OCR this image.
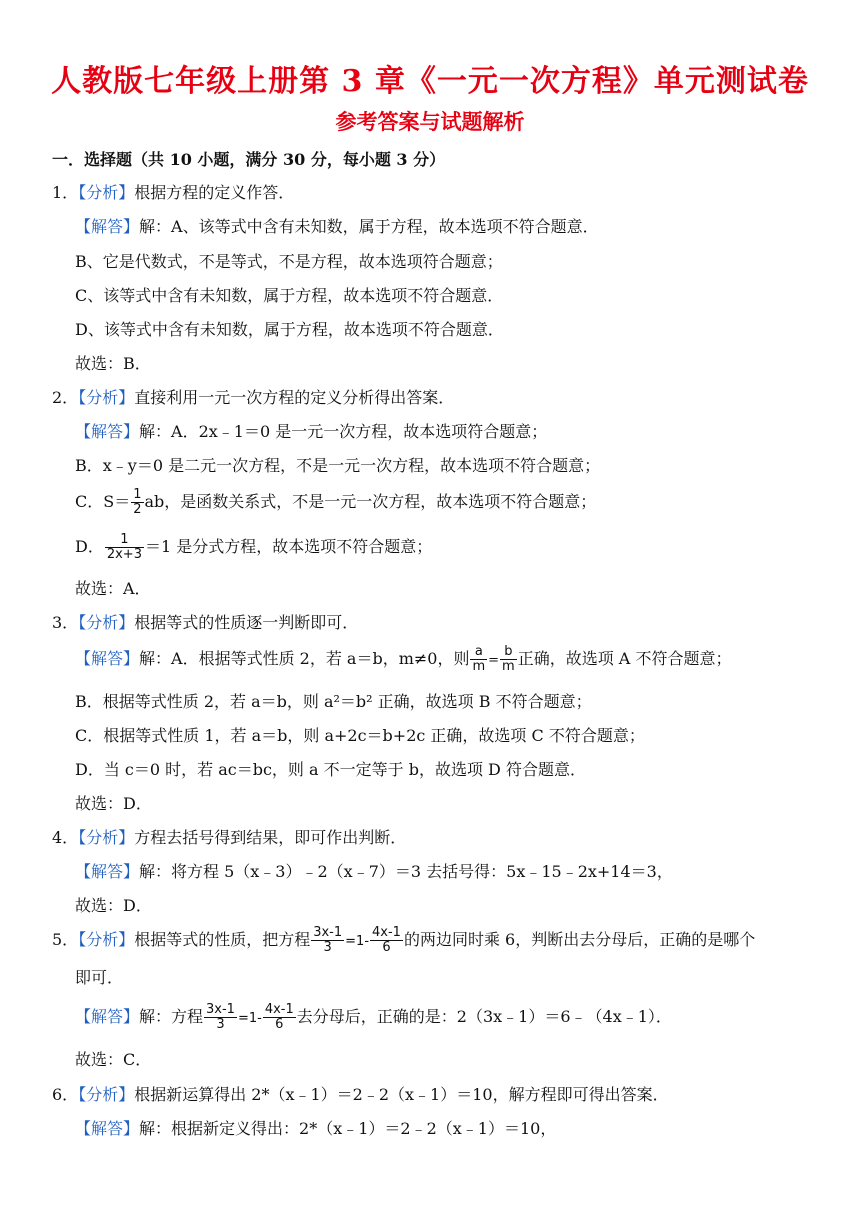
人教版七年级上册第 3 章《一元一次方程》单元测试卷
参考答案与试题解析
一．选择题（共 10 小题，满分 30 分，每小题 3 分）
1．【分析】根据方程的定义作答．
【解答】解：A、该等式中含有未知数，属于方程，故本选项不符合题意．
B、它是代数式，不是等式，不是方程，故本选项符合题意；
C、该等式中含有未知数，属于方程，故本选项不符合题意．
D、该等式中含有未知数，属于方程，故本选项不符合题意．
故选：B．
2．【分析】直接利用一元一次方程的定义分析得出答案．
【解答】解：A．2x﹣1＝0 是一元一次方程，故本选项符合题意；
B．x﹣y＝0 是二元一次方程，不是一元一次方程，故本选项不符合题意；
C．$S= \frac{1}{2}$ ab，是函数关系式，不是一元一次方程，故本选项不符合题意；
D． $\frac{1}{2x+3} =1$ 是分式方程，故本选项不符合题意；
故选：A．
3．【分析】根据等式的性质逐一判断即可．
【解答】解：A．根据等式性质 2，若 a＝b，m≠0，则 $\frac{a}{m} = \frac{b}{m}$ 正确，故选项 A 不符合题意；
B．根据等式性质 2，若 a＝b，则 a²＝b² 正确，故选项 B 不符合题意；
C．根据等式性质 1，若 a＝b，则 a+2c＝b+2c 正确，故选项 C 不符合题意；
D．当 c＝0 时，若 ac＝bc，则 a 不一定等于 b，故选项 D 符合题意．
故选：D．
4．【分析】方程去括号得到结果，即可作出判断．
【解答】解：将方程 5（x﹣3）﹣2（x﹣7）＝3 去括号得：5x﹣15﹣2x+14＝3，
故选：D．
5．【分析】根据等式的性质，把方程 $\frac{3x-1}{3} =1- \frac{4x-1}{6}$ 的两边同时乘 6，判断出去分母后，正确的是哪个
即可．
【解答】解：方程 $\frac{3x-1}{3} =1- \frac{4x-1}{6}$ 去分母后，正确的是：2（3x﹣1）＝6﹣（4x﹣1）．
故选：C．
6．【分析】根据新运算得出 2*（x﹣1）＝2﹣2（x﹣1）＝10，解方程即可得出答案．
【解答】解：根据新定义得出：2*（x﹣1）＝2﹣2（x﹣1）＝10，
